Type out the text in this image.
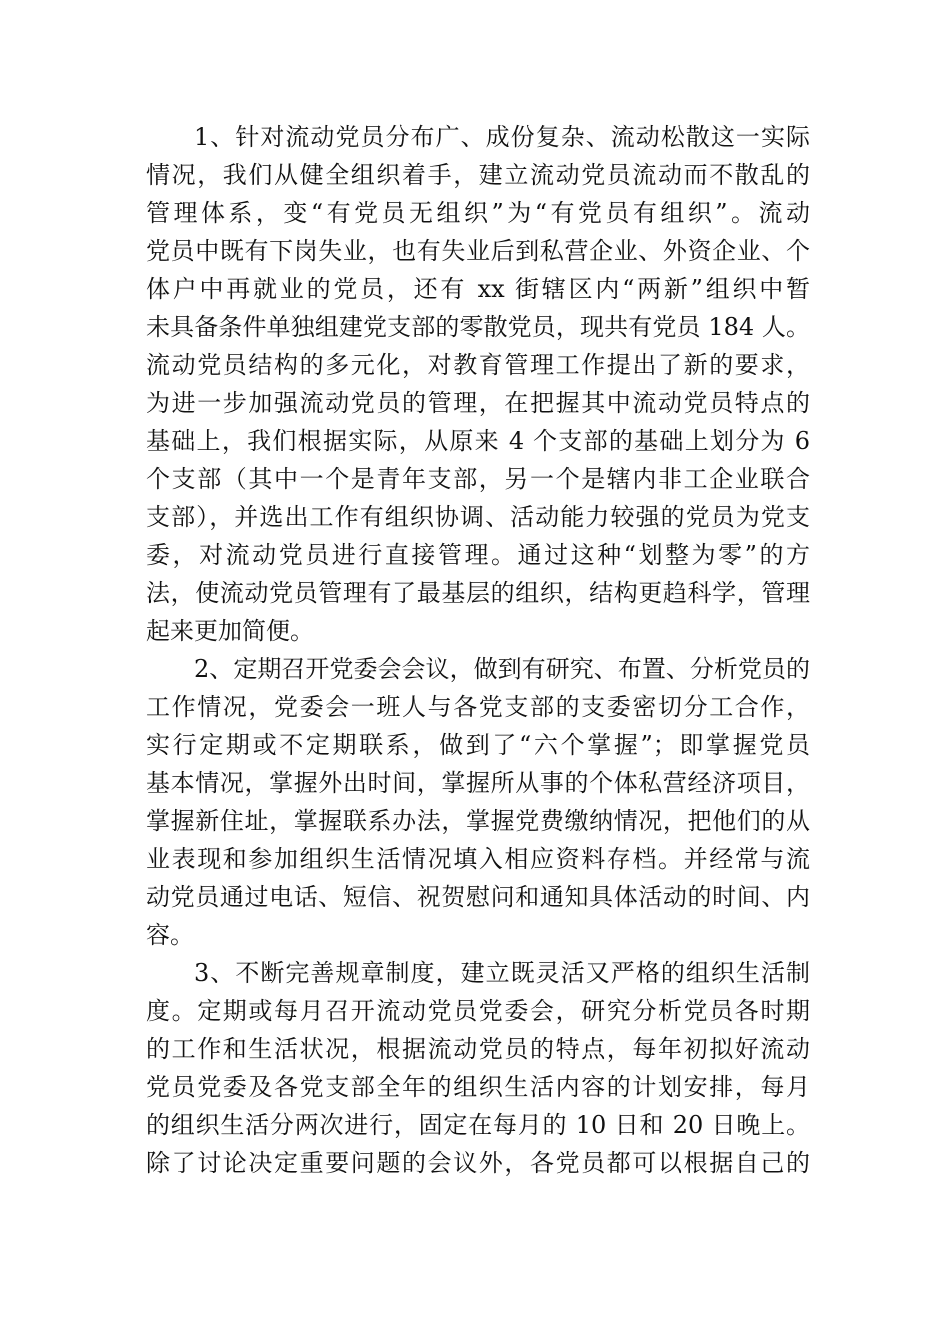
1、针对流动党员分布广、成份复杂、流动松散这一实际
情况，我们从健全组织着手，建立流动党员流动而不散乱的
管理体系，变“有党员无组织”为“有党员有组织”。流动
党员中既有下岗失业，也有失业后到私营企业、外资企业、个
体户中再就业的党员，还有 xx 街辖区内“两新”组织中暂
未具备条件单独组建党支部的零散党员，现共有党员 184 人。
流动党员结构的多元化，对教育管理工作提出了新的要求，
为进一步加强流动党员的管理，在把握其中流动党员特点的
基础上，我们根据实际，从原来 4 个支部的基础上划分为 6
个支部（其中一个是青年支部，另一个是辖内非工企业联合
支部），并选出工作有组织协调、活动能力较强的党员为党支
委，对流动党员进行直接管理。通过这种“划整为零”的方
法，使流动党员管理有了最基层的组织，结构更趋科学，管理
起来更加简便。
2、定期召开党委会会议，做到有研究、布置、分析党员的
工作情况，党委会一班人与各党支部的支委密切分工合作，
实行定期或不定期联系，做到了“六个掌握”；即掌握党员
基本情况，掌握外出时间，掌握所从事的个体私营经济项目，
掌握新住址，掌握联系办法，掌握党费缴纳情况，把他们的从
业表现和参加组织生活情况填入相应资料存档。并经常与流
动党员通过电话、短信、祝贺慰问和通知具体活动的时间、内
容。
3、不断完善规章制度，建立既灵活又严格的组织生活制
度。定期或每月召开流动党员党委会，研究分析党员各时期
的工作和生活状况，根据流动党员的特点，每年初拟好流动
党员党委及各党支部全年的组织生活内容的计划安排，每月
的组织生活分两次进行，固定在每月的 10 日和 20 日晚上。
除了讨论决定重要问题的会议外，各党员都可以根据自己的
